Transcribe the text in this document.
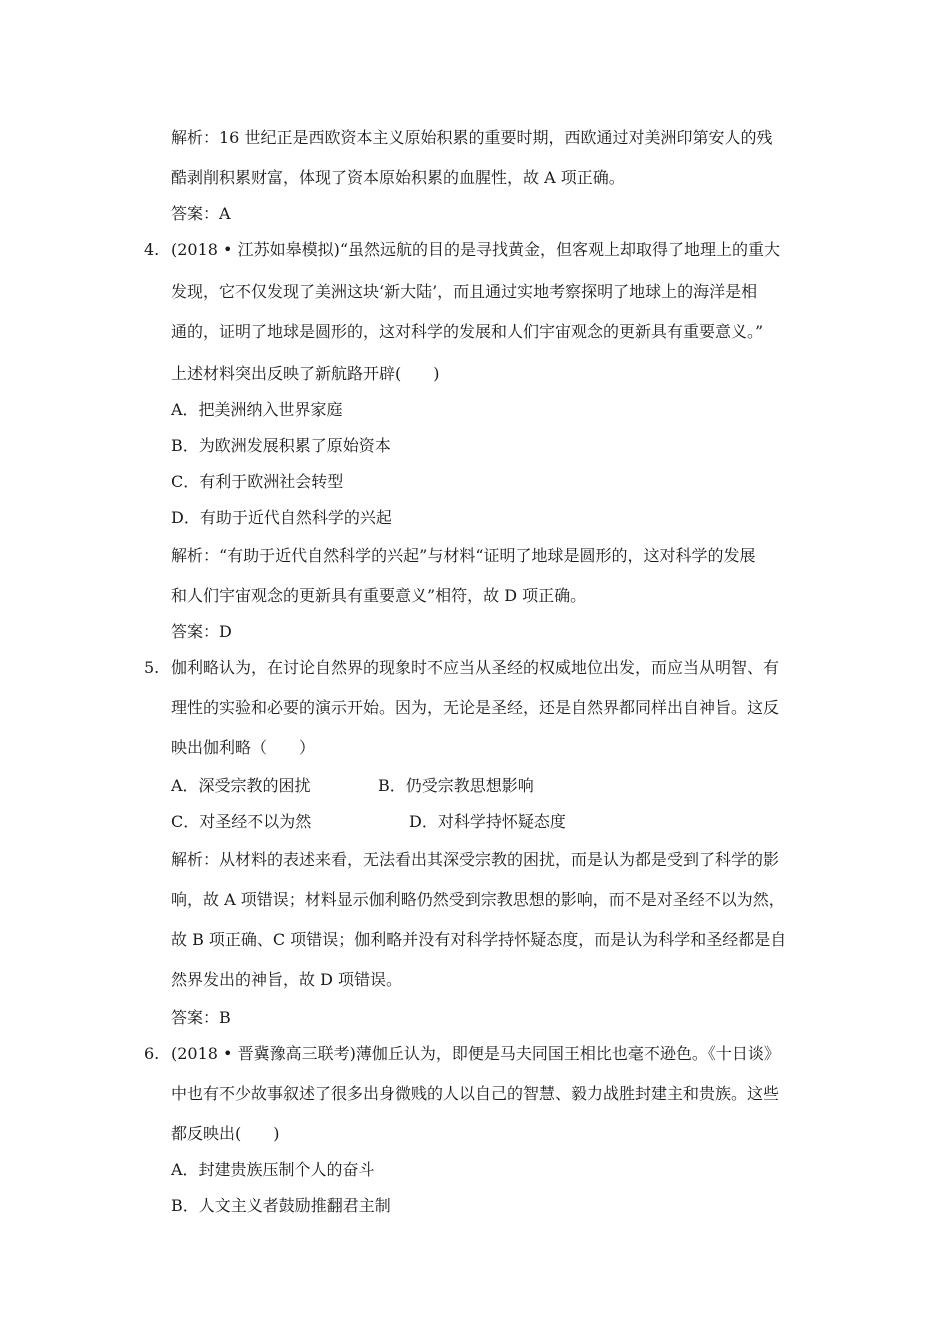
解析：16 世纪正是西欧资本主义原始积累的重要时期，西欧通过对美洲印第安人的残
酷剥削积累财富，体现了资本原始积累的血腥性，故 A 项正确。
答案：A
4. (2018 • 江苏如皋模拟)“虽然远航的目的是寻找黄金，但客观上却取得了地理上的重大
发现，它不仅发现了美洲这块‘新大陆’，而且通过实地考察探明了地球上的海洋是相
通的，证明了地球是圆形的，这对科学的发展和人们宇宙观念的更新具有重要意义。”
上述材料突出反映了新航路开辟(　　)
A．把美洲纳入世界家庭
B．为欧洲发展积累了原始资本
C．有利于欧洲社会转型
D．有助于近代自然科学的兴起
解析：“有助于近代自然科学的兴起”与材料“证明了地球是圆形的，这对科学的发展
和人们宇宙观念的更新具有重要意义”相符，故 D 项正确。
答案：D
5. 伽利略认为，在讨论自然界的现象时不应当从圣经的权威地位出发，而应当从明智、有
理性的实验和必要的演示开始。因为，无论是圣经，还是自然界都同样出自神旨。这反
映出伽利略（　　）
A．深受宗教的困扰	B．仍受宗教思想影响
C．对圣经不以为然	D．对科学持怀疑态度
解析：从材料的表述来看，无法看出其深受宗教的困扰，而是认为都是受到了科学的影
响，故 A 项错误；材料显示伽利略仍然受到宗教思想的影响，而不是对圣经不以为然，
故 B 项正确、C 项错误；伽利略并没有对科学持怀疑态度，而是认为科学和圣经都是自
然界发出的神旨，故 D 项错误。
答案：B
6. (2018 • 晋冀豫高三联考)薄伽丘认为，即便是马夫同国王相比也毫不逊色。《十日谈》
中也有不少故事叙述了很多出身微贱的人以自己的智慧、毅力战胜封建主和贵族。这些
都反映出(　　)
A．封建贵族压制个人的奋斗
B．人文主义者鼓励推翻君主制
